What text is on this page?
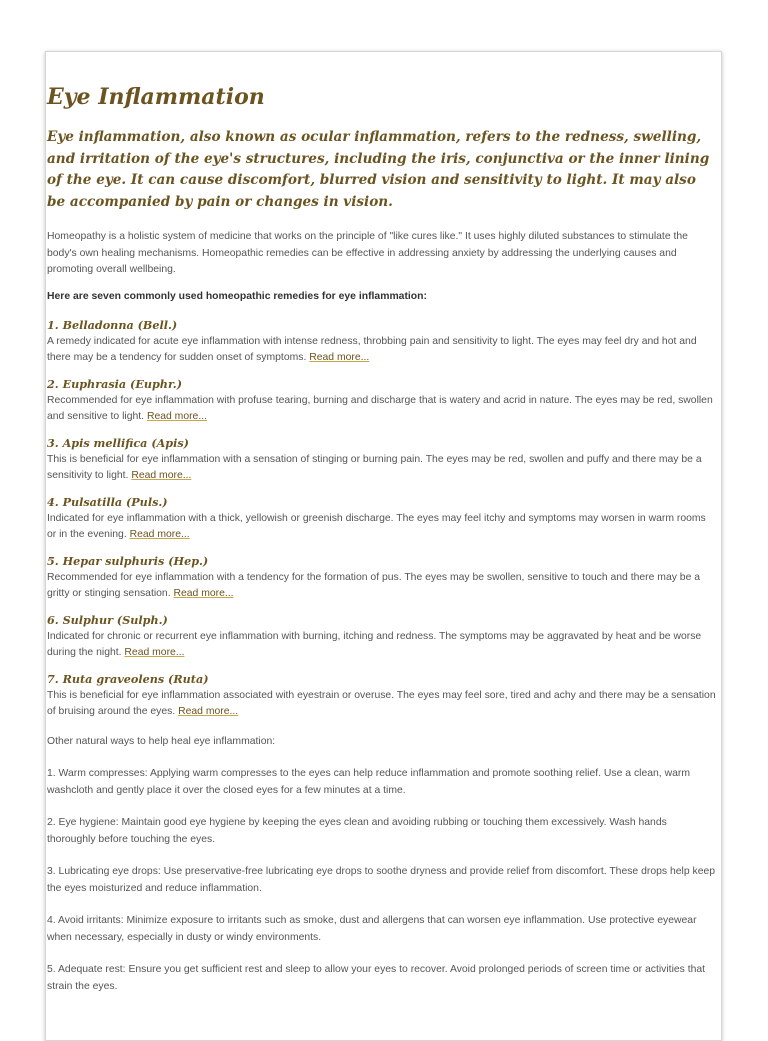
Eye Inflammation

Eye inflammation, also known as ocular inflammation, refers to the redness, swelling, and irritation of the eye's structures, including the iris, conjunctiva or the inner lining of the eye. It can cause discomfort, blurred vision and sensitivity to light. It may also be accompanied by pain or changes in vision.

Homeopathy is a holistic system of medicine that works on the principle of "like cures like." It uses highly diluted substances to stimulate the body's own healing mechanisms. Homeopathic remedies can be effective in addressing anxiety by addressing the underlying causes and promoting overall wellbeing.

Here are seven commonly used homeopathic remedies for eye inflammation:

1. Belladonna (Bell.)

A remedy indicated for acute eye inflammation with intense redness, throbbing pain and sensitivity to light. The eyes may feel dry and hot and there may be a tendency for sudden onset of symptoms. Read more...

2. Euphrasia (Euphr.)

Recommended for eye inflammation with profuse tearing, burning and discharge that is watery and acrid in nature. The eyes may be red, swollen and sensitive to light. Read more...

3. Apis mellifica (Apis)

This is beneficial for eye inflammation with a sensation of stinging or burning pain. The eyes may be red, swollen and puffy and there may be a sensitivity to light. Read more...

4. Pulsatilla (Puls.)

Indicated for eye inflammation with a thick, yellowish or greenish discharge. The eyes may feel itchy and symptoms may worsen in warm rooms or in the evening. Read more...

5. Hepar sulphuris (Hep.)

Recommended for eye inflammation with a tendency for the formation of pus. The eyes may be swollen, sensitive to touch and there may be a gritty or stinging sensation. Read more...

6. Sulphur (Sulph.)

Indicated for chronic or recurrent eye inflammation with burning, itching and redness. The symptoms may be aggravated by heat and be worse during the night. Read more...

7. Ruta graveolens (Ruta)

This is beneficial for eye inflammation associated with eyestrain or overuse. The eyes may feel sore, tired and achy and there may be a sensation of bruising around the eyes. Read more...

Other natural ways to help heal eye inflammation:

1. Warm compresses: Applying warm compresses to the eyes can help reduce inflammation and promote soothing relief. Use a clean, warm washcloth and gently place it over the closed eyes for a few minutes at a time.

2. Eye hygiene: Maintain good eye hygiene by keeping the eyes clean and avoiding rubbing or touching them excessively. Wash hands thoroughly before touching the eyes.

3. Lubricating eye drops: Use preservative-free lubricating eye drops to soothe dryness and provide relief from discomfort. These drops help keep the eyes moisturized and reduce inflammation.

4. Avoid irritants: Minimize exposure to irritants such as smoke, dust and allergens that can worsen eye inflammation. Use protective eyewear when necessary, especially in dusty or windy environments.

5. Adequate rest: Ensure you get sufficient rest and sleep to allow your eyes to recover. Avoid prolonged periods of screen time or activities that strain the eyes.
